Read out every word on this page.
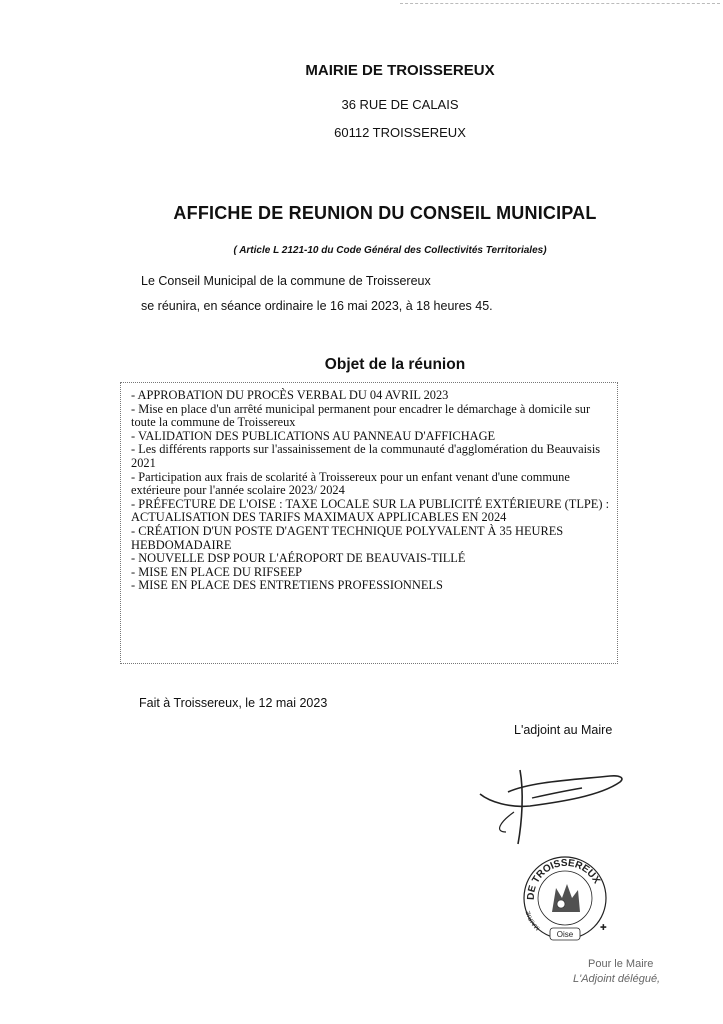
MAIRIE DE TROISSEREUX
36 RUE DE CALAIS
60112 TROISSEREUX
AFFICHE DE REUNION DU CONSEIL MUNICIPAL
( Article L 2121-10 du Code Général des Collectivités Territoriales)
Le Conseil Municipal de la commune de Troissereux
se réunira, en séance ordinaire le 16 mai 2023, à 18 heures 45.
Objet de la réunion

- APPROBATION DU PROCÈS VERBAL DU 04 AVRIL 2023

- Mise en place d'un arrêté municipal permanent pour encadrer le démarchage à domicile sur toute la commune de Troissereux

- VALIDATION DES PUBLICATIONS AU PANNEAU D'AFFICHAGE

- Les différents rapports sur l'assainissement de la communauté d'agglomération du Beauvaisis 2021

- Participation aux frais de scolarité à Troissereux pour un enfant venant d'une commune extérieure pour l'année scolaire 2023/ 2024

- PRÉFECTURE DE L'OISE : TAXE LOCALE SUR LA PUBLICITÉ EXTÉRIEURE (TLPE) : ACTUALISATION DES TARIFS MAXIMAUX APPLICABLES EN 2024

- CRÉATION D'UN POSTE D'AGENT TECHNIQUE POLYVALENT À 35 HEURES HEBDOMADAIRE

- NOUVELLE DSP POUR L'AÉROPORT DE BEAUVAIS-TILLÉ

- MISE EN PLACE DU RIFSEEP

- MISE EN PLACE DES ENTRETIENS PROFESSIONNELS

Fait à Troissereux, le 12 mai 2023
L'adjoint au Maire
DE TROISSEREUX
MAIRIE
Oise
✚
Pour le Maire
L'Adjoint délégué,
